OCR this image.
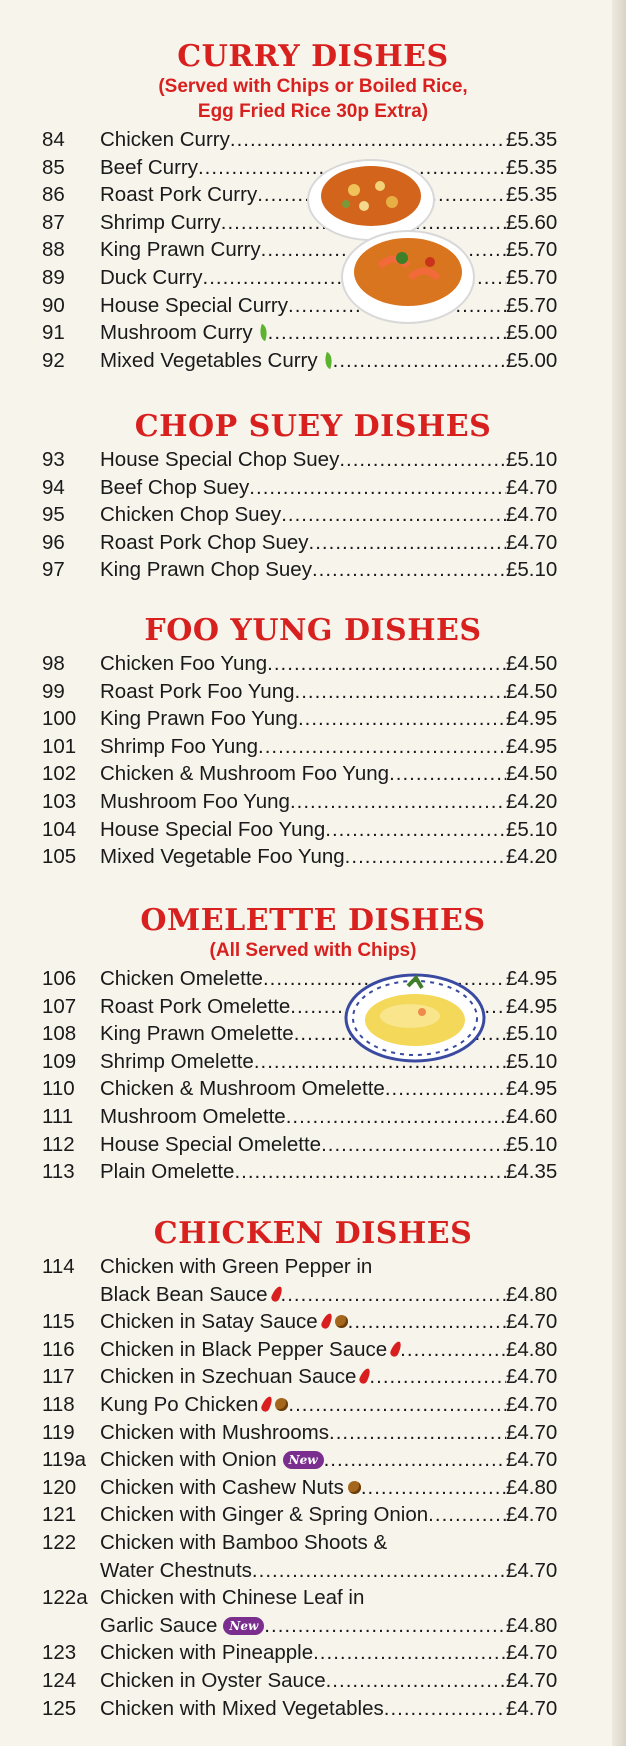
CURRY DISHES
(Served with Chips or Boiled Rice,
Egg Fried Rice 30p Extra)
84	Chicken Curry .....	£5.35
85	Beef Curry .....	£5.35
86	Roast Pork Curry .....	£5.35
87	Shrimp Curry .....	£5.60
88	King Prawn Curry .....	£5.70
89	Duck Curry .....	£5.70
90	House Special Curry .....	£5.70
91	Mushroom Curry .....	£5.00
92	Mixed Vegetables Curry .....	£5.00
CHOP SUEY DISHES
93	House Special Chop Suey .....	£5.10
94	Beef Chop Suey .....	£4.70
95	Chicken Chop Suey .....	£4.70
96	Roast Pork Chop Suey .....	£4.70
97	King Prawn Chop Suey .....	£5.10
FOO YUNG DISHES
98	Chicken Foo Yung .....	£4.50
99	Roast Pork Foo Yung .....	£4.50
100	King Prawn Foo Yung .....	£4.95
101	Shrimp Foo Yung .....	£4.95
102	Chicken & Mushroom Foo Yung .....	£4.50
103	Mushroom Foo Yung .....	£4.20
104	House Special Foo Yung .....	£5.10
105	Mixed Vegetable Foo Yung .....	£4.20
OMELETTE DISHES
(All Served with Chips)
106	Chicken Omelette .....	£4.95
107	Roast Pork Omelette .....	£4.95
108	King Prawn Omelette .....	£5.10
109	Shrimp Omelette .....	£5.10
110	Chicken & Mushroom Omelette .....	£4.95
111	Mushroom Omelette .....	£4.60
112	House Special Omelette .....	£5.10
113	Plain Omelette .....	£4.35
CHICKEN DISHES
114	Chicken with Green Pepper in
Black Bean Sauce .....	£4.80
115	Chicken in Satay Sauce .....	£4.70
116	Chicken in Black Pepper Sauce .....	£4.80
117	Chicken in Szechuan Sauce .....	£4.70
118	Kung Po Chicken .....	£4.70
119	Chicken with Mushrooms .....	£4.70
119a Chicken with Onion New .....	£4.70
120	Chicken with Cashew Nuts .....	£4.80
121	Chicken with Ginger & Spring Onion .....	£4.70
122	Chicken with Bamboo Shoots &
Water Chestnuts .....	£4.70
122a Chicken with Chinese Leaf in
Garlic Sauce New .....	£4.80
123	Chicken with Pineapple .....	£4.70
124	Chicken in Oyster Sauce .....	£4.70
125	Chicken with Mixed Vegetables .....	£4.70
